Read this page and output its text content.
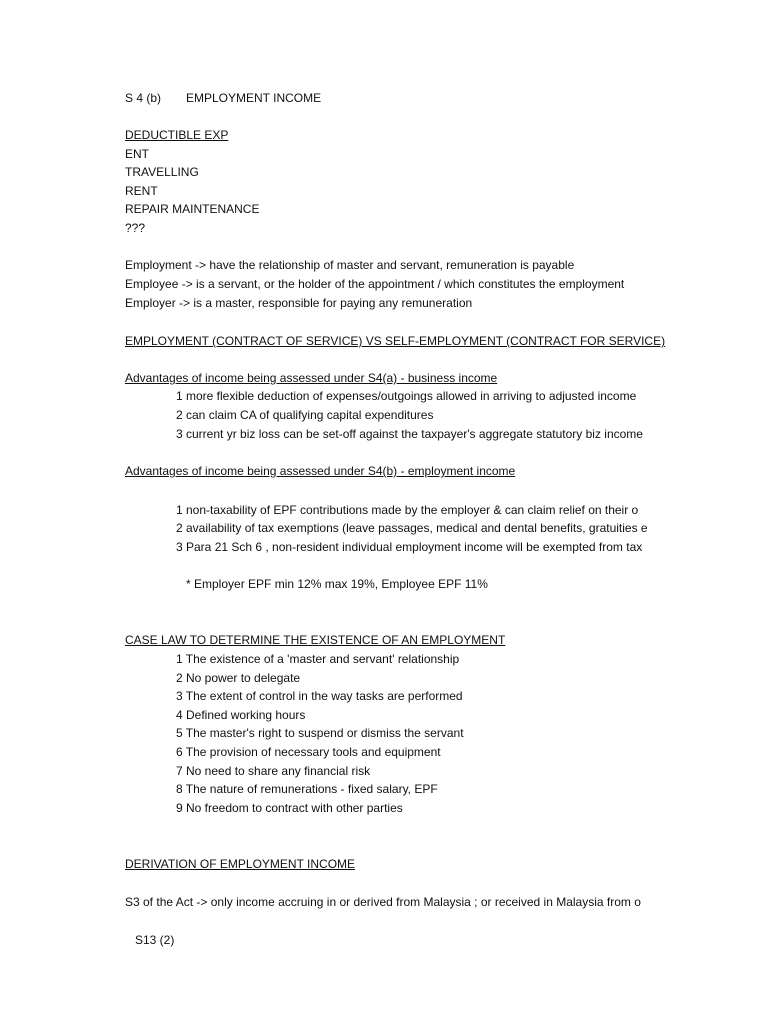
S 4 (b) EMPLOYMENT INCOME
DEDUCTIBLE EXP
ENT
TRAVELLING
RENT
REPAIR MAINTENANCE
???
Employment -> have the relationship of master and servant, remuneration is payable
Employee -> is a servant, or the holder of the appointment / which constitutes the employment
Employer -> is a master, responsible for paying any remuneration
EMPLOYMENT (CONTRACT OF SERVICE) VS SELF-EMPLOYMENT (CONTRACT FOR SERVICE)
Advantages of income being assessed under S4(a) - business income
1 more flexible deduction of expenses/outgoings allowed in arriving to adjusted income
2 can claim CA of qualifying capital expenditures
3 current yr biz loss can be set-off against the taxpayer's aggregate statutory biz income
Advantages of income being assessed under S4(b) - employment income
1 non-taxability of EPF contributions made by the employer & can claim relief on their o
2 availability of tax exemptions (leave passages, medical and dental benefits, gratuities e
3 Para 21 Sch 6 , non-resident individual employment income will be exempted from tax
* Employer EPF min 12% max 19%, Employee EPF 11%
CASE LAW TO DETERMINE THE EXISTENCE OF AN EMPLOYMENT
1 The existence of a 'master and servant' relationship
2 No power to delegate
3 The extent of control in the way tasks are performed
4 Defined working hours
5 The master's right to suspend or dismiss the servant
6 The provision of necessary tools and equipment
7 No need to share any financial risk
8 The nature of remunerations - fixed salary, EPF
9 No freedom to contract with other parties
DERIVATION OF EMPLOYMENT INCOME
S3 of the Act -> only income accruing in or derived from Malaysia ; or received in Malaysia from o
S13 (2)
